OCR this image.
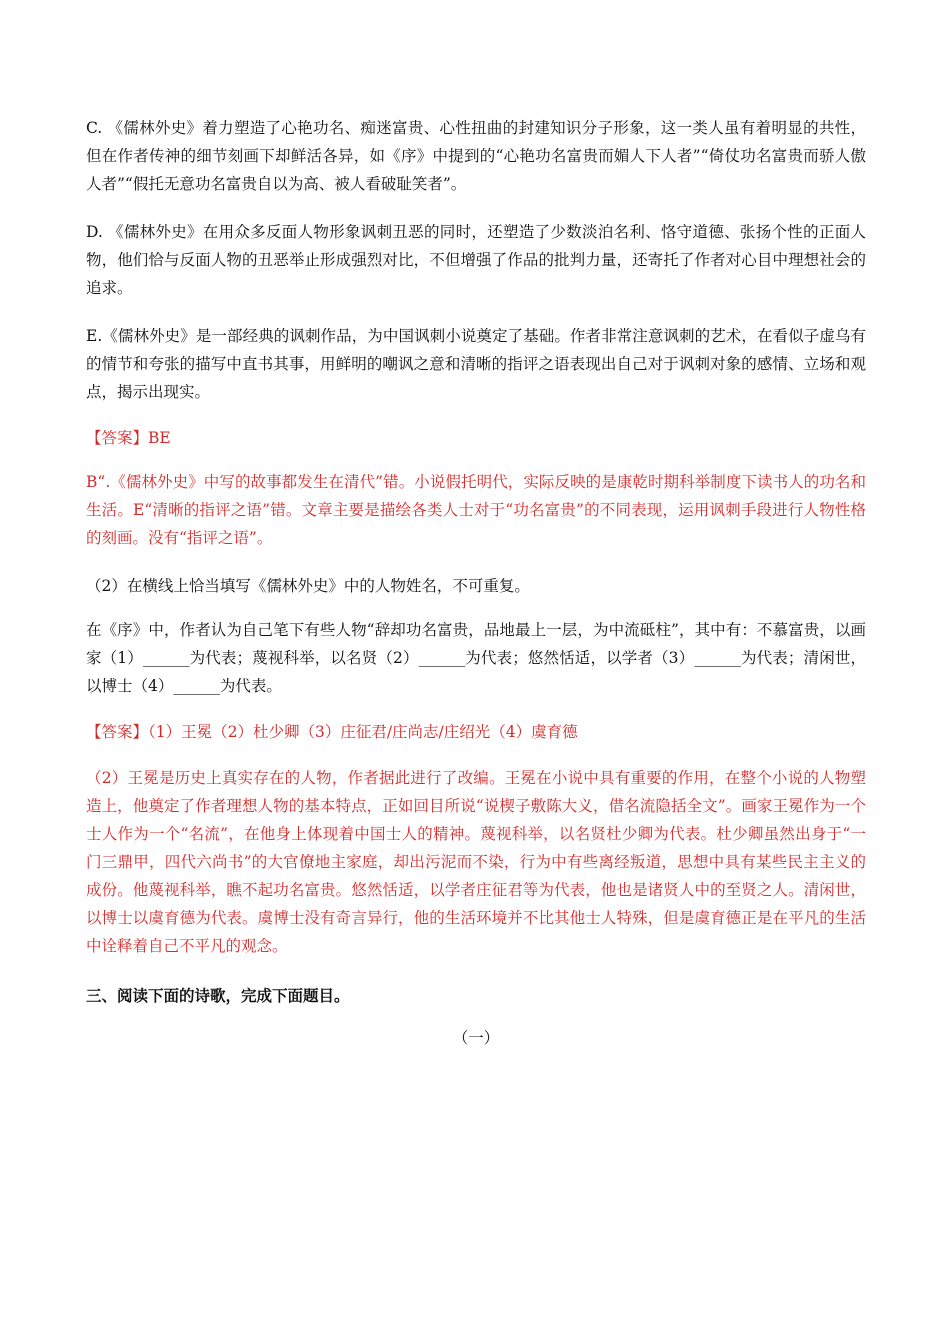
C. 《儒林外史》着力塑造了心艳功名、痴迷富贵、心性扭曲的封建知识分子形象，这一类人虽有着明显的共性，但在作者传神的细节刻画下却鲜活各异，如《序》中提到的“心艳功名富贵而媚人下人者”“倚仗功名富贵而骄人傲人者”“假托无意功名富贵自以为高、被人看破耻笑者”。

D. 《儒林外史》在用众多反面人物形象讽刺丑恶的同时，还塑造了少数淡泊名利、恪守道德、张扬个性的正面人物，他们恰与反面人物的丑恶举止形成强烈对比，不但增强了作品的批判力量，还寄托了作者对心目中理想社会的追求。

E.《儒林外史》是一部经典的讽刺作品，为中国讽刺小说奠定了基础。作者非常注意讽刺的艺术，在看似子虚乌有的情节和夸张的描写中直书其事，用鲜明的嘲讽之意和清晰的指评之语表现出自己对于讽刺对象的感情、立场和观点，揭示出现实。

【答案】BE

B“.《儒林外史》中写的故事都发生在清代”错。小说假托明代，实际反映的是康乾时期科举制度下读书人的功名和生活。E“清晰的指评之语”错。文章主要是描绘各类人士对于“功名富贵”的不同表现，运用讽刺手段进行人物性格的刻画。没有“指评之语”。

（2）在横线上恰当填写《儒林外史》中的人物姓名，不可重复。

在《序》中，作者认为自己笔下有些人物“辞却功名富贵，品地最上一层，为中流砥柱”，其中有：不慕富贵，以画家（1）______为代表；蔑视科举，以名贤（2）______为代表；悠然恬适，以学者（3）______为代表；清闲世，以博士（4）______为代表。

【答案】（1）王冕（2）杜少卿（3）庄征君/庄尚志/庄绍光（4）虞育德

（2）王冕是历史上真实存在的人物，作者据此进行了改编。王冕在小说中具有重要的作用，在整个小说的人物塑造上，他奠定了作者理想人物的基本特点，正如回目所说“说楔子敷陈大义，借名流隐括全文”。画家王冕作为一个士人作为一个“名流”，在他身上体现着中国士人的精神。蔑视科举，以名贤杜少卿为代表。杜少卿虽然出身于“一门三鼎甲，四代六尚书”的大官僚地主家庭，却出污泥而不染，行为中有些离经叛道，思想中具有某些民主主义的成份。他蔑视科举，瞧不起功名富贵。悠然恬适，以学者庄征君等为代表，他也是诸贤人中的至贤之人。清闲世，以博士以虞育德为代表。虞博士没有奇言异行，他的生活环境并不比其他士人特殊，但是虞育德正是在平凡的生活中诠释着自己不平凡的观念。

三、阅读下面的诗歌，完成下面题目。

（一）
